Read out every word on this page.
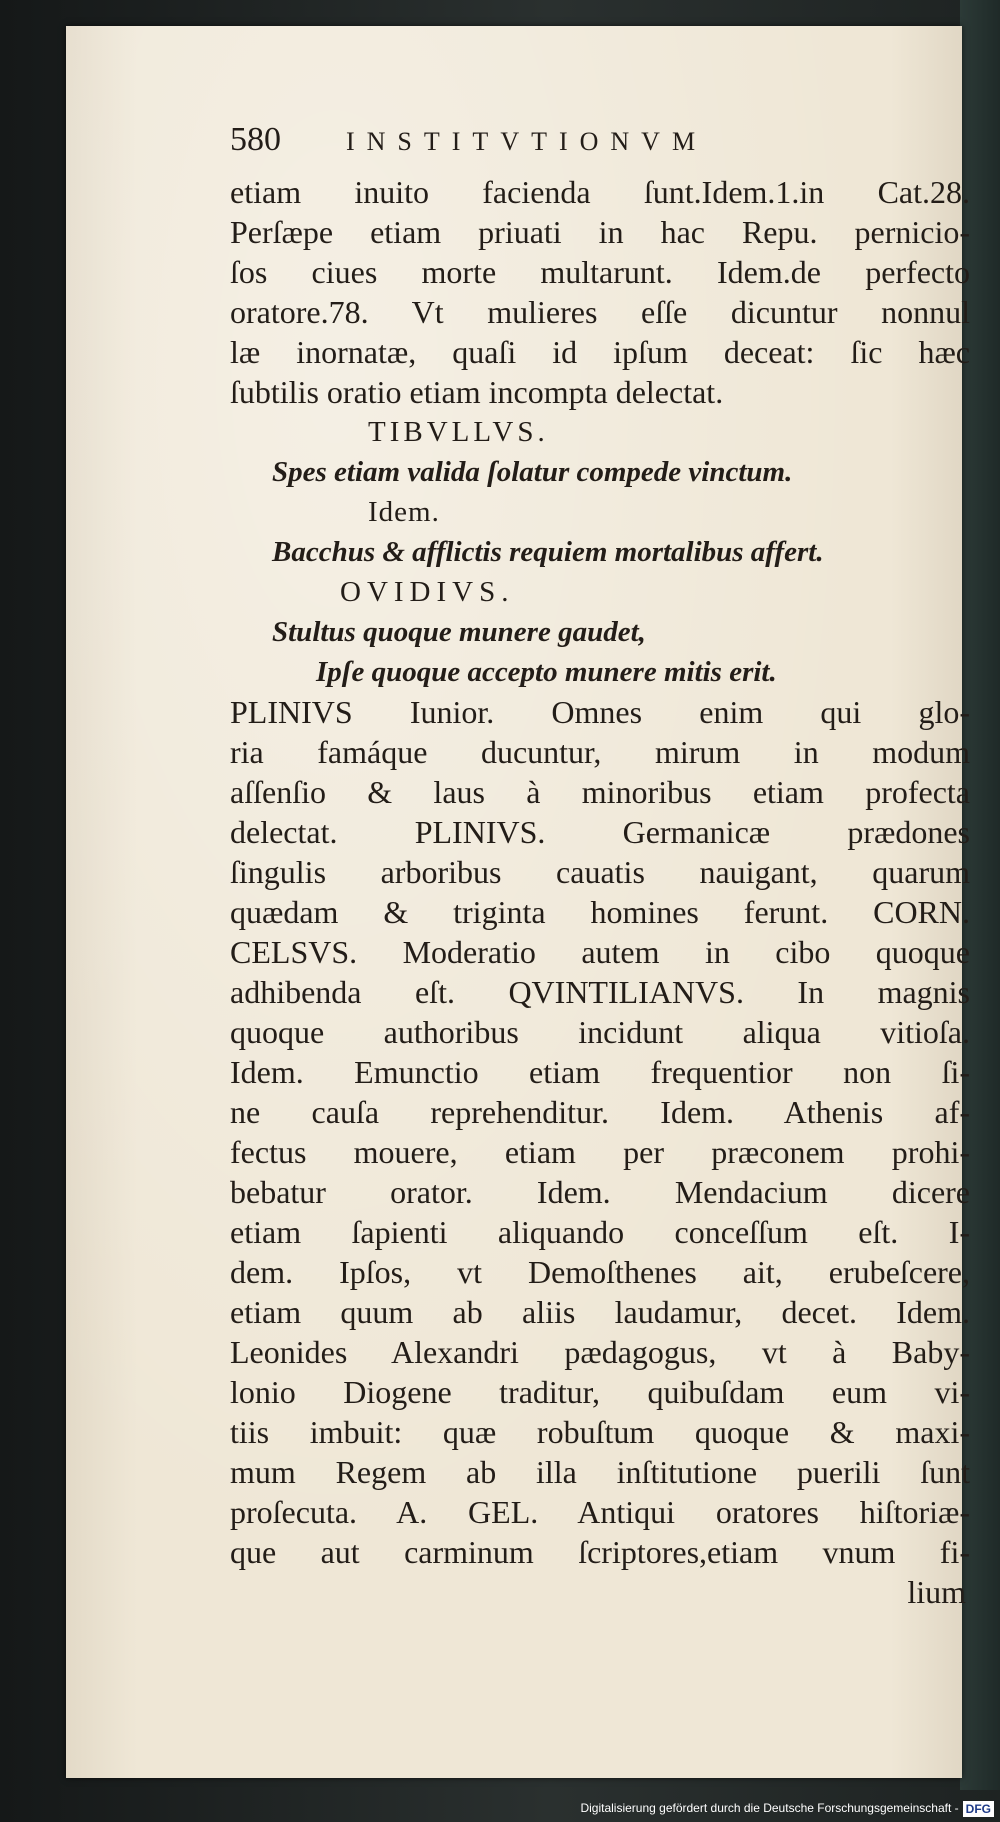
580	INSTITVTIONVM
etiam inuito facienda ſunt.Idem.1.in Cat.28.
Perſæpe etiam priuati in hac Repu. pernicio-
ſos ciues morte multarunt. Idem.de perfecto
oratore.78. Vt mulieres eſſe dicuntur nonnul
læ inornatæ, quaſi id ipſum deceat: ſic hæc
ſubtilis oratio etiam incompta delectat.
TIBVLLVS.
Spes etiam valida ſolatur compede vinctum.
Idem.
Bacchus & afflictis requiem mortalibus affert.
OVIDIVS.
Stultus quoque munere gaudet,
Ipſe quoque accepto munere mitis erit.
PLINIVS Iunior. Omnes enim qui glo-
ria famáque ducuntur, mirum in modum
aſſenſio & laus à minoribus etiam profecta
delectat. PLINIVS. Germanicæ prædones
ſingulis arboribus cauatis nauigant, quarum
quædam & triginta homines ferunt. CORN.
CELSVS. Moderatio autem in cibo quoque
adhibenda eſt. QVINTILIANVS. In magnis
quoque authoribus incidunt aliqua vitioſa.
Idem. Emunctio etiam frequentior non ſi-
ne cauſa reprehenditur. Idem. Athenis af-
fectus mouere, etiam per præconem prohi-
bebatur orator. Idem. Mendacium dicere
etiam ſapienti aliquando conceſſum eſt. I-
dem. Ipſos, vt Demoſthenes ait, erubeſcere,
etiam quum ab aliis laudamur, decet. Idem.
Leonides Alexandri pædagogus, vt à Baby-
lonio Diogene traditur, quibuſdam eum vi-
tiis imbuit: quæ robuſtum quoque & maxi-
mum Regem ab illa inſtitutione puerili ſunt
proſecuta. A. GEL. Antiqui oratores hiſtoriæ-
que aut carminum ſcriptores,etiam vnum fi-
lium
Digitalisierung gefördert durch die Deutsche Forschungsgemeinschaft - DFG
